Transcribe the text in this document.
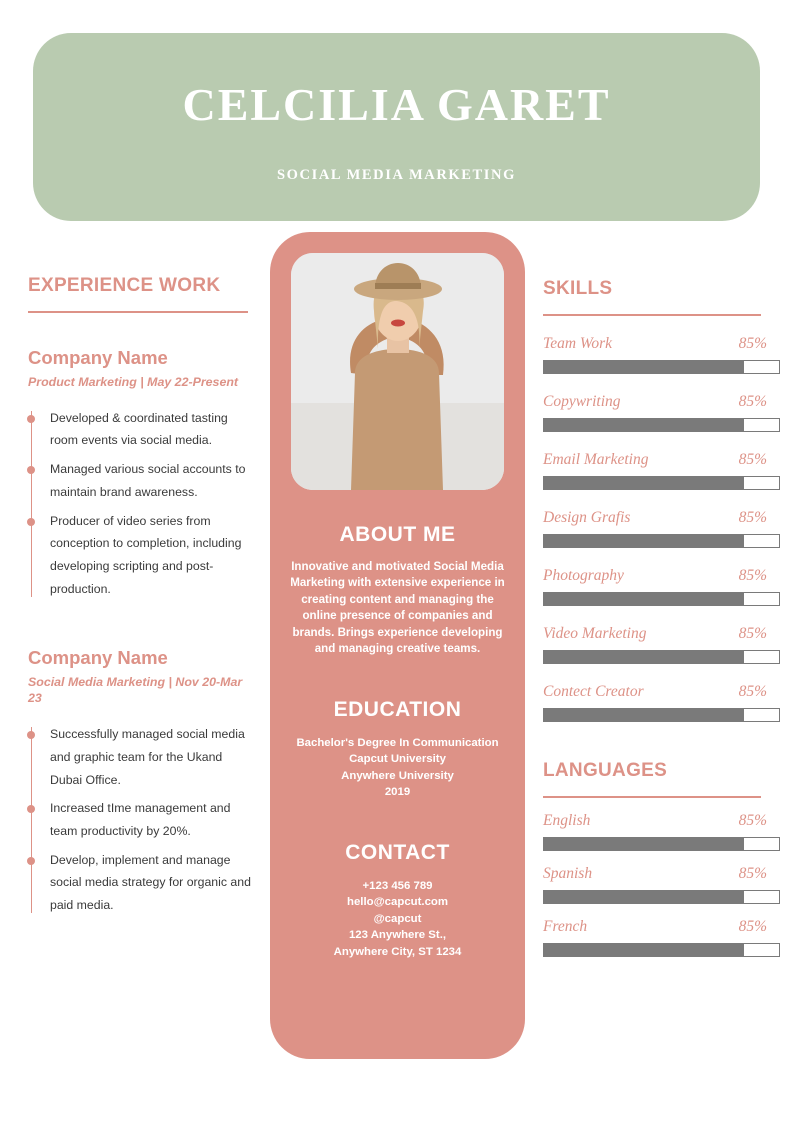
CELCILIA GARET
SOCIAL MEDIA MARKETING
EXPERIENCE WORK
Company Name
Product Marketing | May 22-Present
Developed & coordinated tasting room events via social media.
Managed various social accounts to maintain brand awareness.
Producer of video series from conception to completion, including developing scripting and post-production.
Company Name
Social Media Marketing | Nov 20-Mar 23
Successfully managed social media and graphic team for the Ukand Dubai Office.
Increased tIme management and team productivity by 20%.
Develop, implement and manage social media strategy for organic and paid media.
ABOUT ME
Innovative and motivated Social Media Marketing with extensive experience in creating content and managing the online presence of companies and brands. Brings experience developing and managing creative teams.
EDUCATION
Bachelor's Degree In Communication
Capcut University
Anywhere University
2019
CONTACT
+123 456 789
hello@capcut.com
@capcut
123 Anywhere St.,
Anywhere City, ST 1234
SKILLS
Team Work	85%
Copywriting	85%
Email Marketing	85%
Design Grafis	85%
Photography	85%
Video Marketing	85%
Contect Creator	85%
LANGUAGES
English	85%
Spanish	85%
French	85%
